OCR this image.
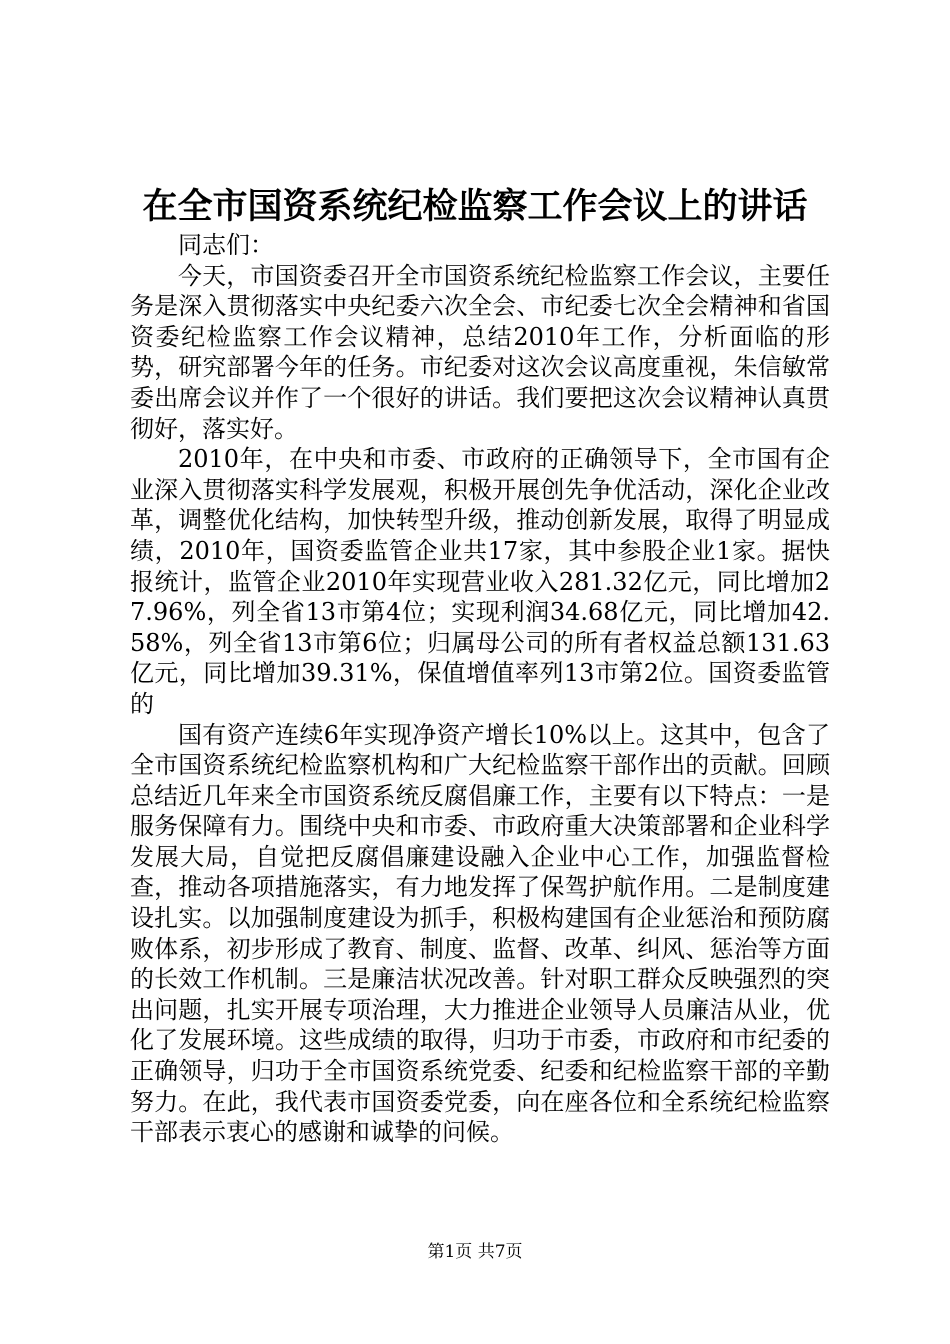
在全市国资系统纪检监察工作会议上的讲话

同志们：

今天，市国资委召开全市国资系统纪检监察工作会议，主要任务是深入贯彻落实中央纪委六次全会、市纪委七次全会精神和省国资委纪检监察工作会议精神，总结2010年工作，分析面临的形势，研究部署今年的任务。市纪委对这次会议高度重视，朱信敏常委出席会议并作了一个很好的讲话。我们要把这次会议精神认真贯彻好，落实好。

2010年，在中央和市委、市政府的正确领导下，全市国有企业深入贯彻落实科学发展观，积极开展创先争优活动，深化企业改革，调整优化结构，加快转型升级，推动创新发展，取得了明显成绩，2010年，国资委监管企业共17家，其中参股企业1家。据快报统计，监管企业2010年实现营业收入281.32亿元，同比增加27.96%，列全省13市第4位；实现利润34.68亿元，同比增加42.58%，列全省13市第6位；归属母公司的所有者权益总额131.63亿元，同比增加39.31%，保值增值率列13市第2位。国资委监管的

国有资产连续6年实现净资产增长10%以上。这其中，包含了全市国资系统纪检监察机构和广大纪检监察干部作出的贡献。回顾总结近几年来全市国资系统反腐倡廉工作，主要有以下特点：一是服务保障有力。围绕中央和市委、市政府重大决策部署和企业科学发展大局，自觉把反腐倡廉建设融入企业中心工作，加强监督检查，推动各项措施落实，有力地发挥了保驾护航作用。二是制度建设扎实。以加强制度建设为抓手，积极构建国有企业惩治和预防腐败体系，初步形成了教育、制度、监督、改革、纠风、惩治等方面的长效工作机制。三是廉洁状况改善。针对职工群众反映强烈的突出问题，扎实开展专项治理，大力推进企业领导人员廉洁从业，优化了发展环境。这些成绩的取得，归功于市委，市政府和市纪委的正确领导，归功于全市国资系统党委、纪委和纪检监察干部的辛勤努力。在此，我代表市国资委党委，向在座各位和全系统纪检监察干部表示衷心的感谢和诚挚的问候。

第1页 共7页
